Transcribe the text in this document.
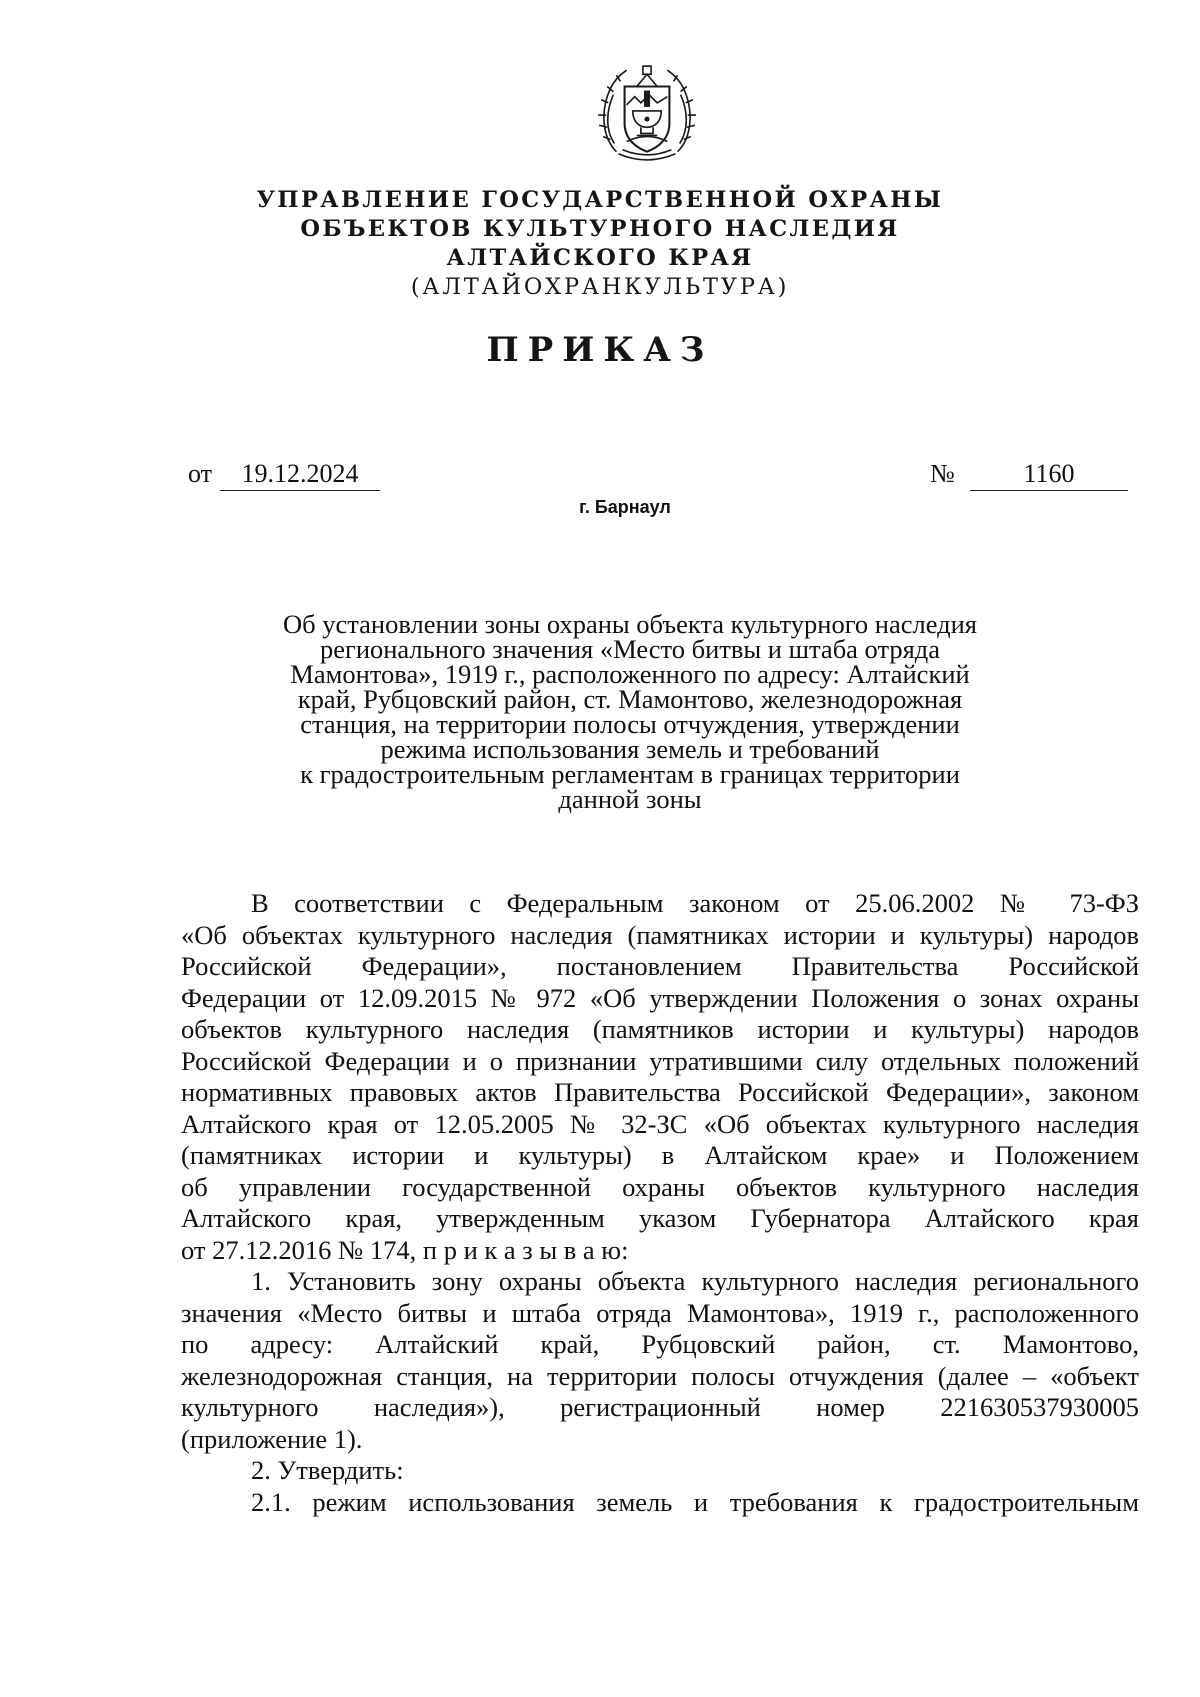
УПРАВЛЕНИЕ ГОСУДАРСТВЕННОЙ ОХРАНЫ
ОБЪЕКТОВ КУЛЬТУРНОГО НАСЛЕДИЯ
АЛТАЙСКОГО КРАЯ
(АЛТАЙОХРАНКУЛЬТУРА)
ПРИКАЗ
от	19.12.2024	№	1160
г. Барнаул
Об установлении зоны охраны объекта культурного наследия
регионального значения «Место битвы и штаба отряда
Мамонтова», 1919 г., расположенного по адресу: Алтайский
край, Рубцовский район, ст. Мамонтово, железнодорожная
станция, на территории полосы отчуждения, утверждении
режима использования земель и требований
к градостроительным регламентам в границах территории
данной зоны
В соответствии с Федеральным законом от 25.06.2002 № 73-ФЗ
«Об объектах культурного наследия (памятниках истории и культуры) народов
Российской Федерации», постановлением Правительства Российской
Федерации от 12.09.2015 № 972 «Об утверждении Положения о зонах охраны
объектов культурного наследия (памятников истории и культуры) народов
Российской Федерации и о признании утратившими силу отдельных положений
нормативных правовых актов Правительства Российской Федерации», законом
Алтайского края от 12.05.2005 № 32-ЗС «Об объектах культурного наследия
(памятниках истории и культуры) в Алтайском крае» и Положением
об управлении государственной охраны объектов культурного наследия
Алтайского края, утвержденным указом Губернатора Алтайского края
от 27.12.2016 № 174, п р и к а з ы в а ю:
1. Установить зону охраны объекта культурного наследия регионального
значения «Место битвы и штаба отряда Мамонтова», 1919 г., расположенного
по адресу: Алтайский край, Рубцовский район, ст. Мамонтово,
железнодорожная станция, на территории полосы отчуждения (далее – «объект
культурного наследия»), регистрационный номер 221630537930005
(приложение 1).
2. Утвердить:
2.1. режим использования земель и требования к градостроительным
